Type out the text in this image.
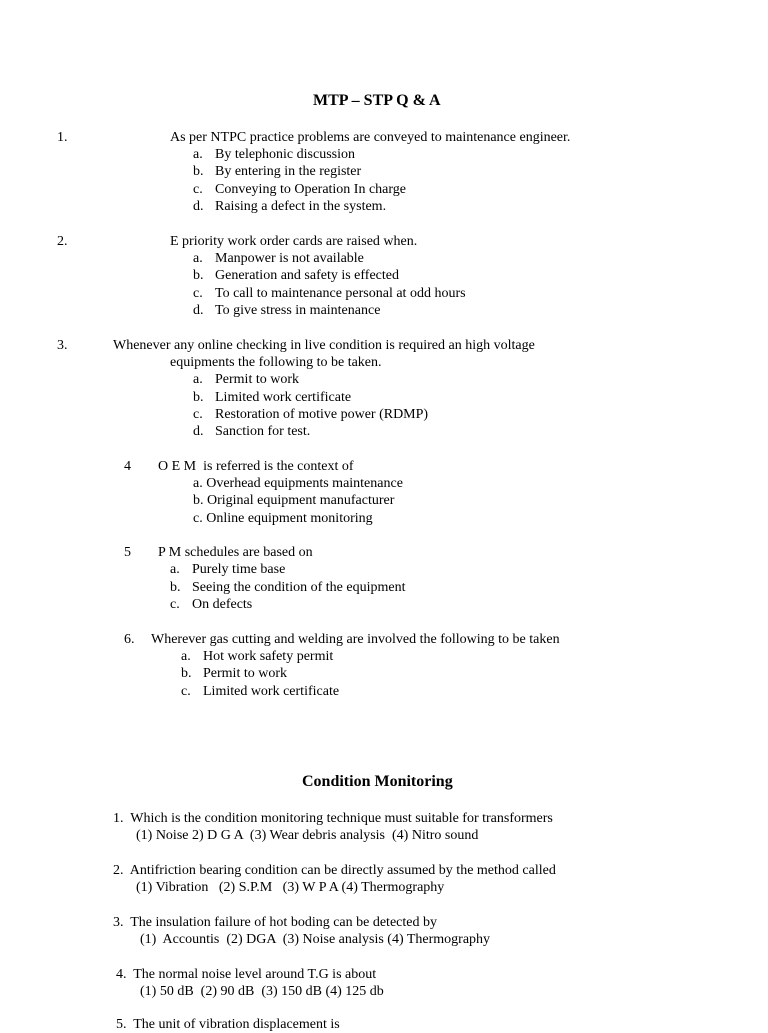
MTP – STP Q & A
1.	As per NTPC practice problems are conveyed to maintenance engineer.
a. By telephonic discussion
b. By entering in the register
c. Conveying to Operation In charge
d. Raising a defect in the system.
2.	E priority work order cards are raised when.
a. Manpower is not available
b. Generation and safety is effected
c. To call to maintenance personal at odd hours
d. To give stress in maintenance
3.	Whenever any online checking in live condition is required an high voltage
equipments the following to be taken.
a. Permit to work
b. Limited work certificate
c. Restoration of motive power (RDMP)
d. Sanction for test.
4 O E M  is referred is the context of
a. Overhead equipments maintenance
b. Original equipment manufacturer
c. Online equipment monitoring
5 P M schedules are based on
a. Purely time base
b. Seeing the condition of the equipment
c. On defects
6. Wherever gas cutting and welding are involved the following to be taken
a. Hot work safety permit
b. Permit to work
c. Limited work certificate
Condition Monitoring
1.  Which is the condition monitoring technique must suitable for transformers
(1) Noise 2) D G A  (3) Wear debris analysis  (4) Nitro sound
2.  Antifriction bearing condition can be directly assumed by the method called
(1) Vibration   (2) S.P.M   (3) W P A (4) Thermography
3.  The insulation failure of hot boding can be detected by
(1)  Accountis  (2) DGA  (3) Noise analysis (4) Thermography
4.  The normal noise level around T.G is about
(1) 50 dB  (2) 90 dB  (3) 150 dB (4) 125 db
5.  The unit of vibration displacement is
